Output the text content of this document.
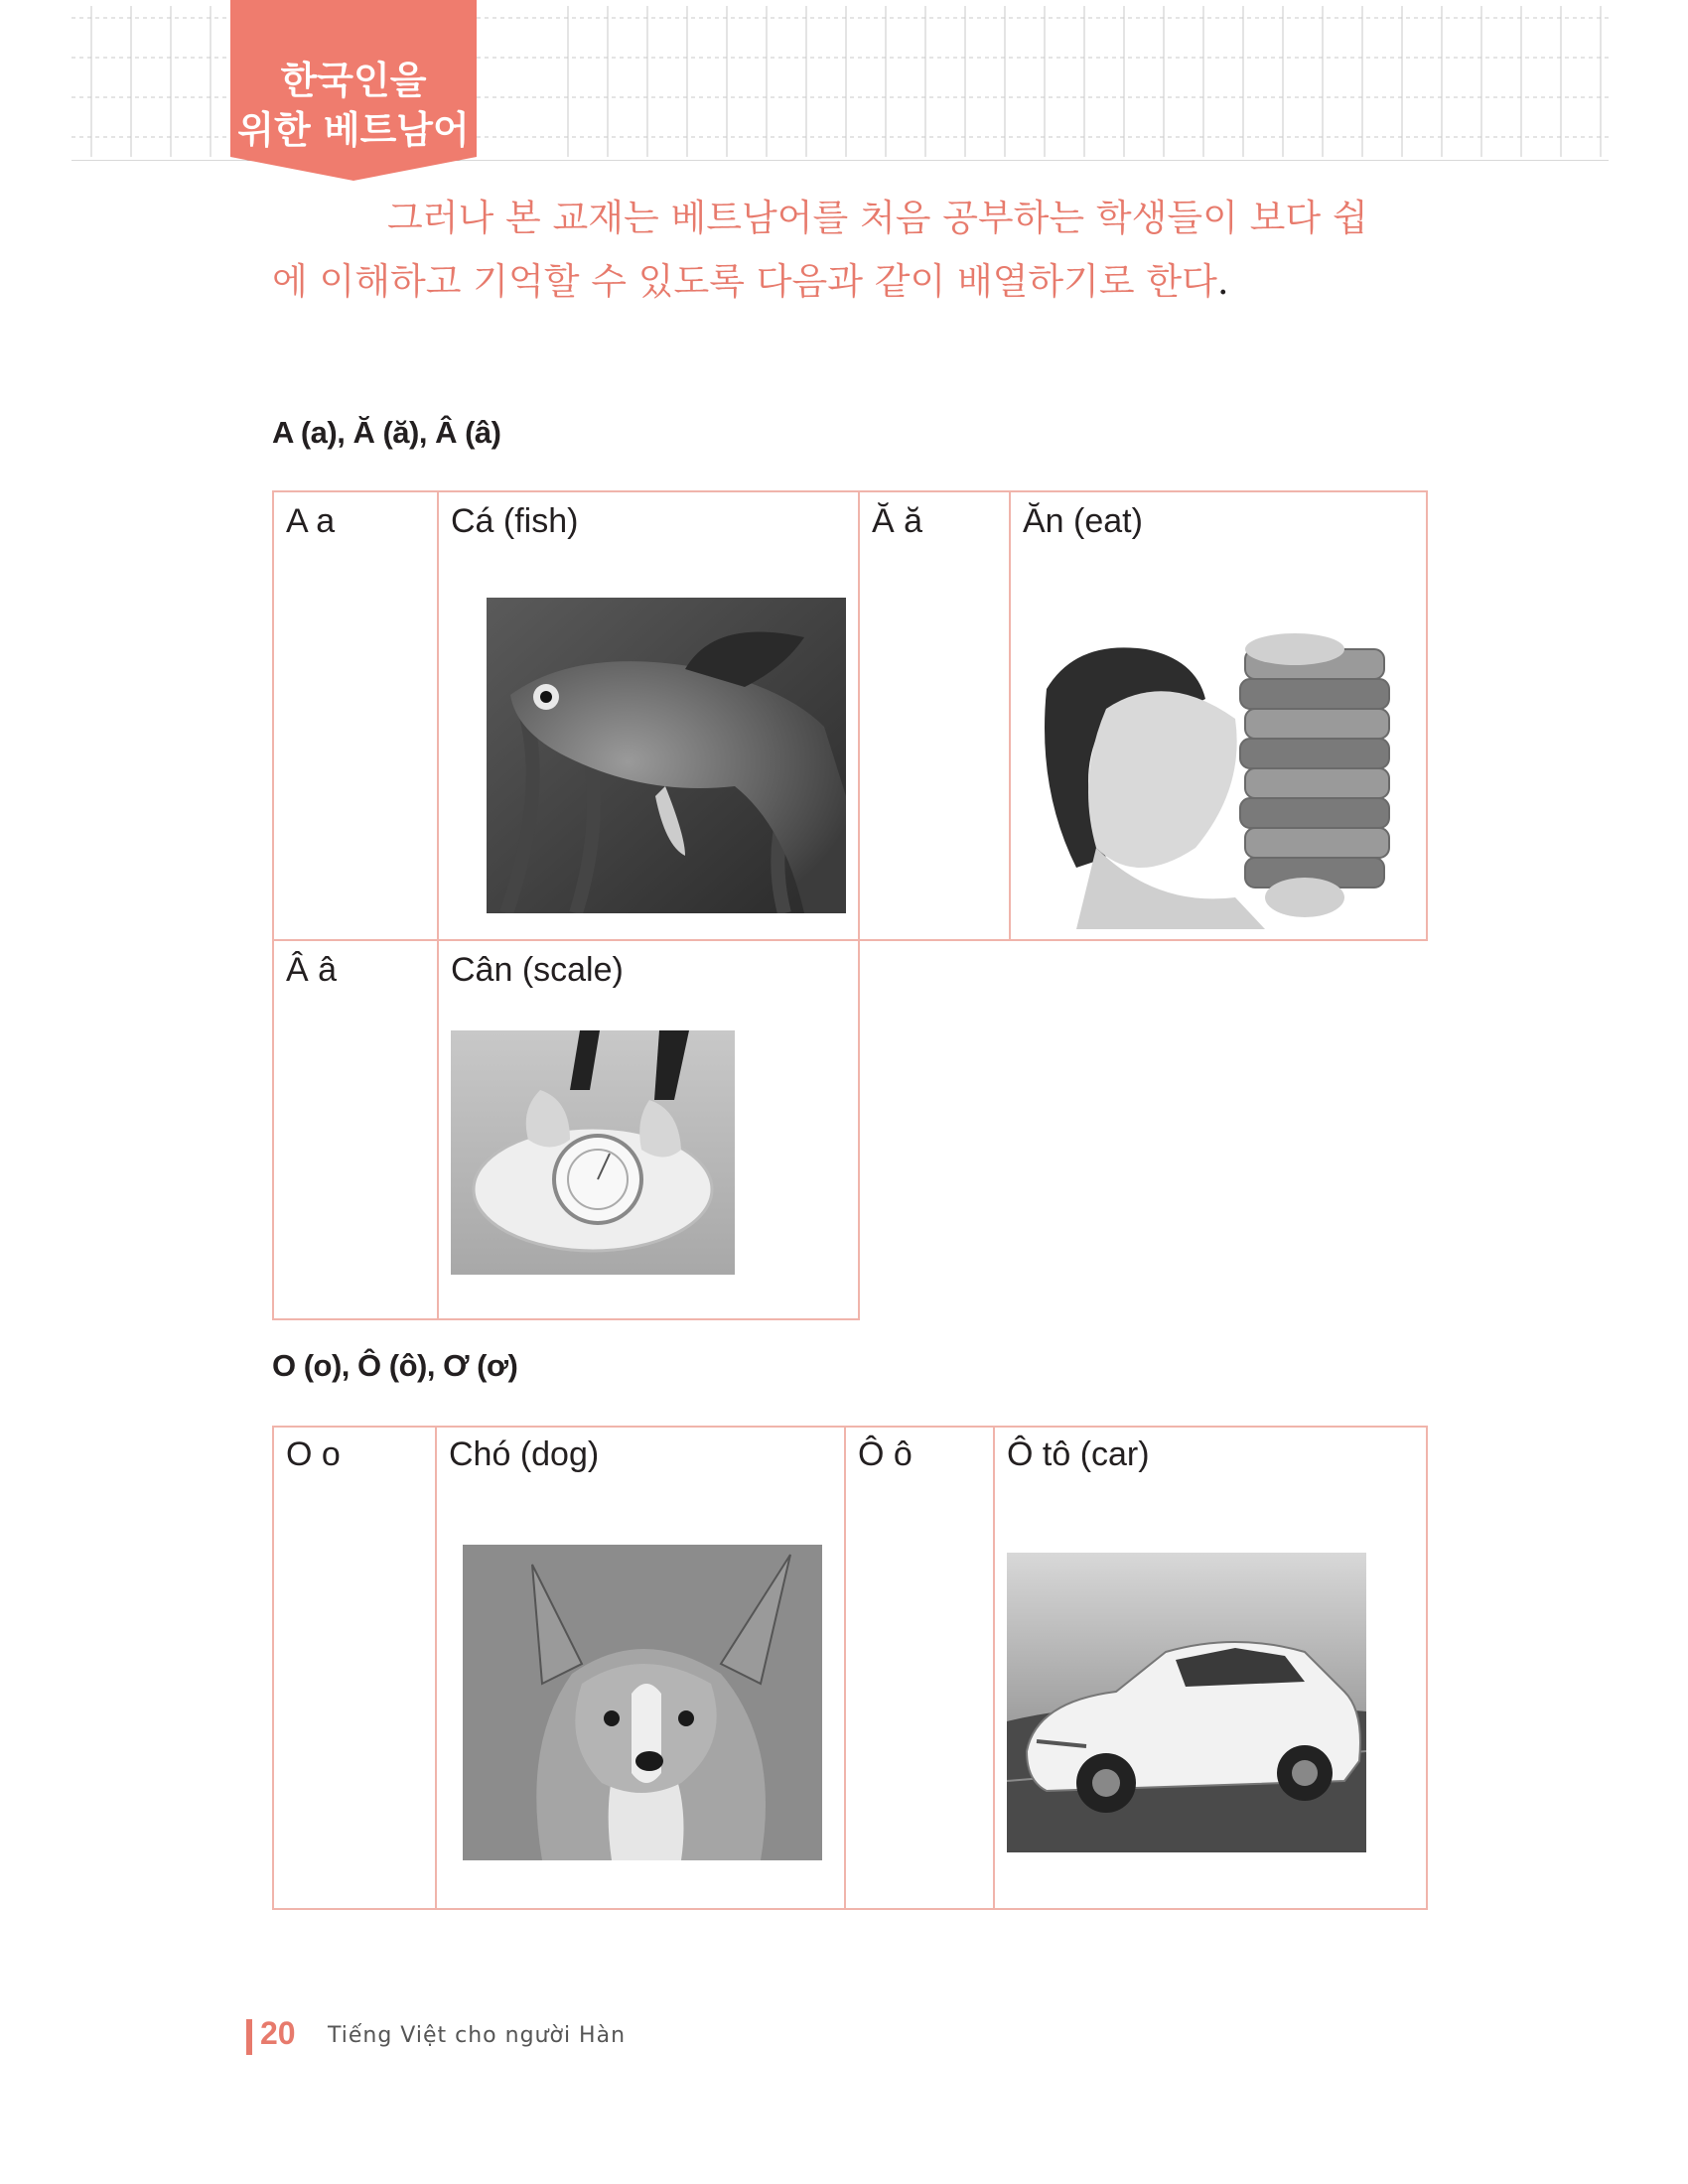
한국인을
위한 베트남어
그러나 본 교재는 베트남어를 처음 공부하는 학생들이 보다 쉽
에 이해하고 기억할 수 있도록 다음과 같이 배열하기로 한다.
A (a), Ă (ă), Â (â)
A a	Cá (fish)	Ă ă	Ăn (eat)
Â â	Cân (scale)
O (o), Ô (ô), Ơ (ơ)
O o	Chó (dog)	Ô ô	Ô tô (car)
20 Tiếng Việt cho người Hàn
